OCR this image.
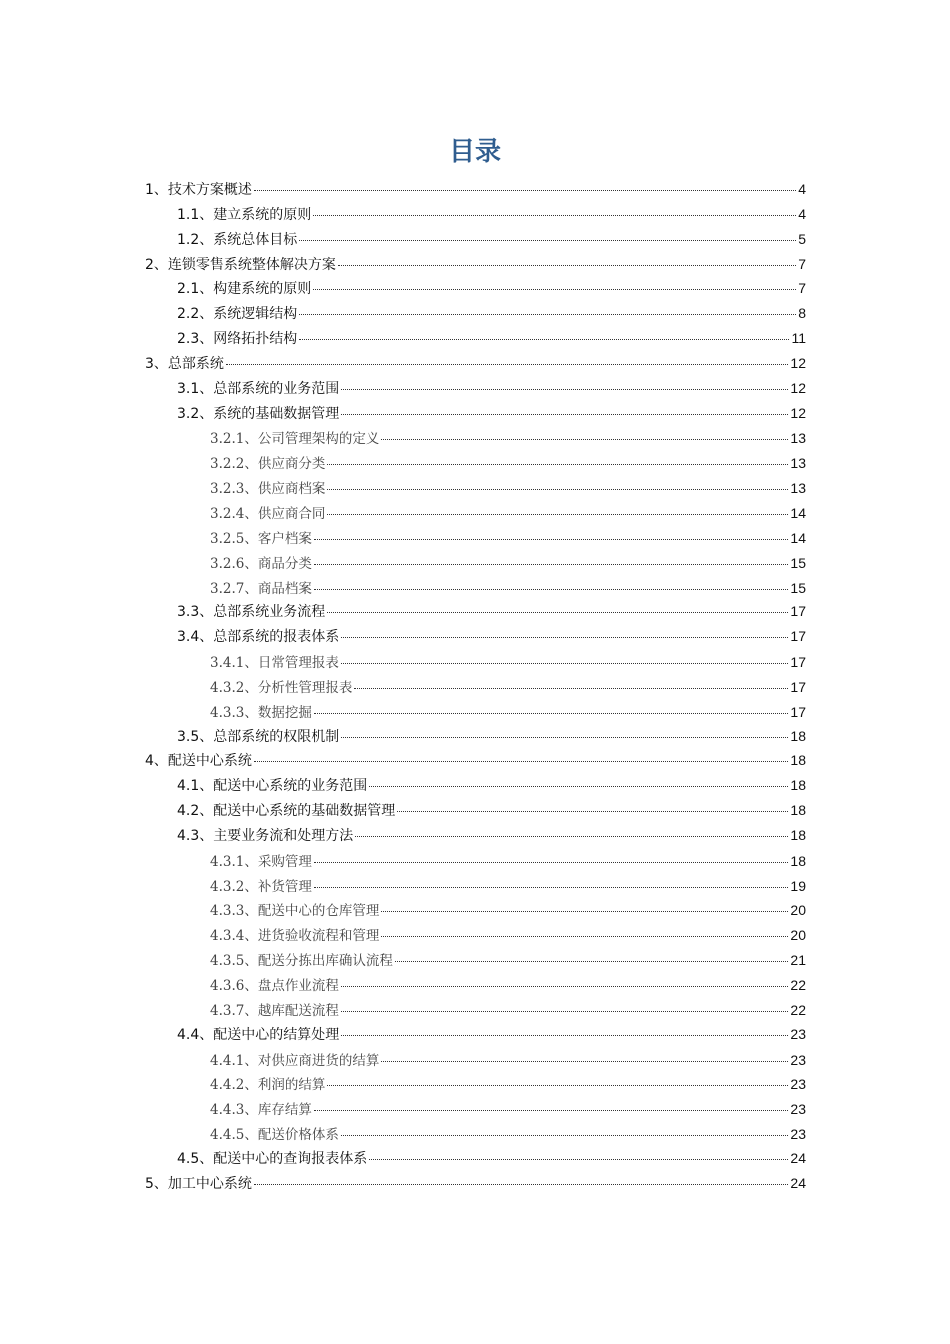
目录
1、技术方案概述	4
1.1、建立系统的原则	4
1.2、系统总体目标	5
2、连锁零售系统整体解决方案	7
2.1、构建系统的原则	7
2.2、系统逻辑结构	8
2.3、网络拓扑结构	11
3、总部系统	12
3.1、总部系统的业务范围	12
3.2、系统的基础数据管理	12
3.2.1、公司管理架构的定义	13
3.2.2、供应商分类	13
3.2.3、供应商档案	13
3.2.4、供应商合同	14
3.2.5、客户档案	14
3.2.6、商品分类	15
3.2.7、商品档案	15
3.3、总部系统业务流程	17
3.4、总部系统的报表体系	17
3.4.1、日常管理报表	17
4.3.2、分析性管理报表	17
4.3.3、数据挖掘	17
3.5、总部系统的权限机制	18
4、配送中心系统	18
4.1、配送中心系统的业务范围	18
4.2、配送中心系统的基础数据管理	18
4.3、主要业务流和处理方法	18
4.3.1、采购管理	18
4.3.2、补货管理	19
4.3.3、配送中心的仓库管理	20
4.3.4、进货验收流程和管理	20
4.3.5、配送分拣出库确认流程	21
4.3.6、盘点作业流程	22
4.3.7、越库配送流程	22
4.4、配送中心的结算处理	23
4.4.1、对供应商进货的结算	23
4.4.2、利润的结算	23
4.4.3、库存结算	23
4.4.5、配送价格体系	23
4.5、配送中心的查询报表体系	24
5、加工中心系统	24
